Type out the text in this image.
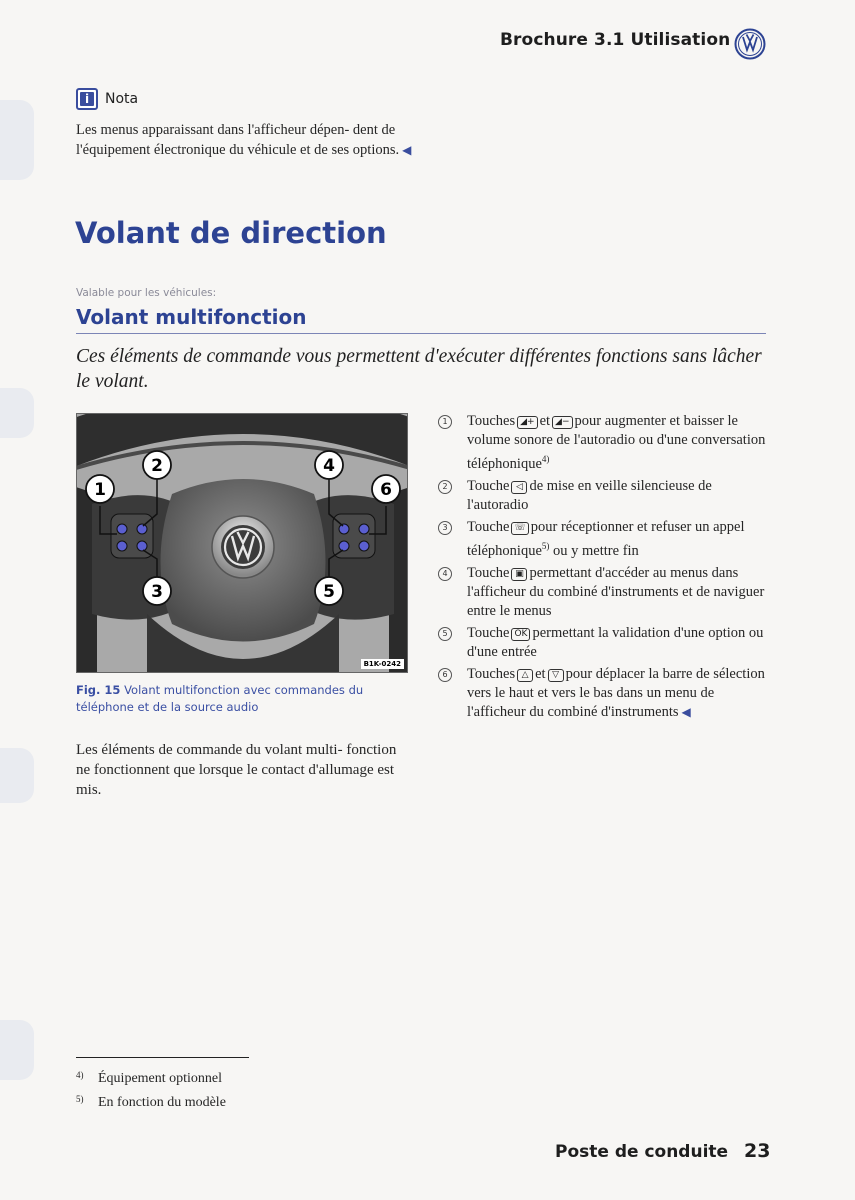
Brochure 3.1 Utilisation
i	Nota

Les menus apparaissant dans l'afficheur dépen- dent de l'équipement électronique du véhicule et de ses options. ◀

Volant de direction
Valable pour les véhicules:
Volant multifonction

Ces éléments de commande vous permettent d'exécuter différentes fonctions sans lâcher le volant.

1
2
3
4
5
6
B1K-0242

Fig. 15 Volant multifonction avec commandes du téléphone et de la source audio

Les éléments de commande du volant multi- fonction ne fonctionnent que lorsque le contact d'allumage est mis.

1	Touches ◢+ et ◢− pour augmenter et baisser le volume sonore de l'autoradio ou d'une conversation téléphonique$^{4)}$
2	Touche ◁ de mise en veille silencieuse de l'autoradio
3	Touche ☏ pour réceptionner et refuser un appel téléphonique$^{5)}$ ou y mettre fin
4	Touche ▣ permettant d'accéder au menus dans l'afficheur du combiné d'instruments et de naviguer entre le menus
5	Touche OK permettant la validation d'une option ou d'une entrée
6	Touches △ et ▽ pour déplacer la barre de sélection vers le haut et vers le bas dans un menu de l'afficheur du combiné d'instruments ◀

$^{4)}$ Équipement optionnel

$^{5)}$ En fonction du modèle

Poste de conduite 23
